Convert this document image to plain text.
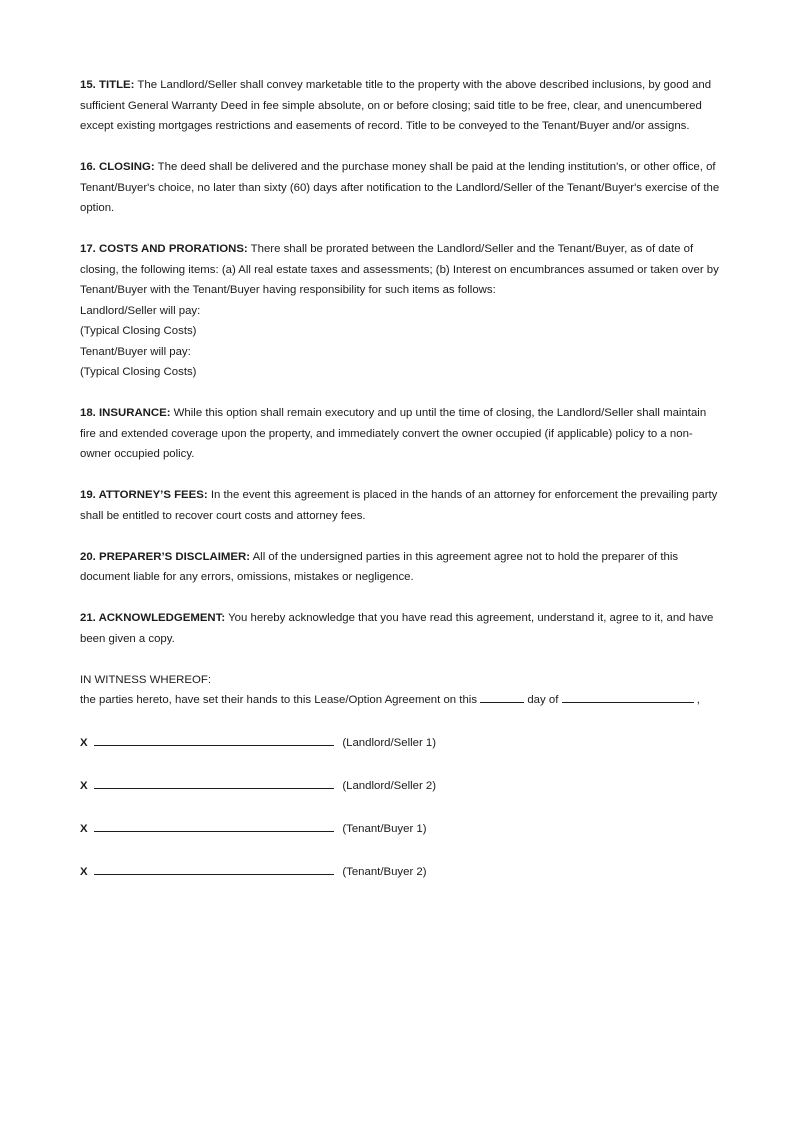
15. TITLE: The Landlord/Seller shall convey marketable title to the property with the above described inclusions, by good and sufficient General Warranty Deed in fee simple absolute, on or before closing; said title to be free, clear, and unencumbered except existing mortgages restrictions and easements of record. Title to be conveyed to the Tenant/Buyer and/or assigns.

16. CLOSING: The deed shall be delivered and the purchase money shall be paid at the lending institution's, or other office, of Tenant/Buyer's choice, no later than sixty (60) days after notification to the Landlord/Seller of the Tenant/Buyer's exercise of the option.

17. COSTS AND PRORATIONS: There shall be prorated between the Landlord/Seller and the Tenant/Buyer, as of date of closing, the following items: (a) All real estate taxes and assessments; (b) Interest on encumbrances assumed or taken over by Tenant/Buyer with the Tenant/Buyer having responsibility for such items as follows:

Landlord/Seller will pay:
(Typical Closing Costs)
Tenant/Buyer will pay:
(Typical Closing Costs)

18. INSURANCE: While this option shall remain executory and up until the time of closing, the Landlord/Seller shall maintain fire and extended coverage upon the property, and immediately convert the owner occupied (if applicable) policy to a non-owner occupied policy.

19. ATTORNEY’S FEES: In the event this agreement is placed in the hands of an attorney for enforcement the prevailing party shall be entitled to recover court costs and attorney fees.

20. PREPARER’S DISCLAIMER: All of the undersigned parties in this agreement agree not to hold the preparer of this document liable for any errors, omissions, mistakes or negligence.

21. ACKNOWLEDGEMENT: You hereby acknowledge that you have read this agreement, understand it, agree to it, and have been given a copy.

IN WITNESS WHEREOF:
the parties hereto, have set their hands to this Lease/Option Agreement on this	day of	,
X	(Landlord/Seller 1)
X	(Landlord/Seller 2)
X	(Tenant/Buyer 1)
X	(Tenant/Buyer 2)
